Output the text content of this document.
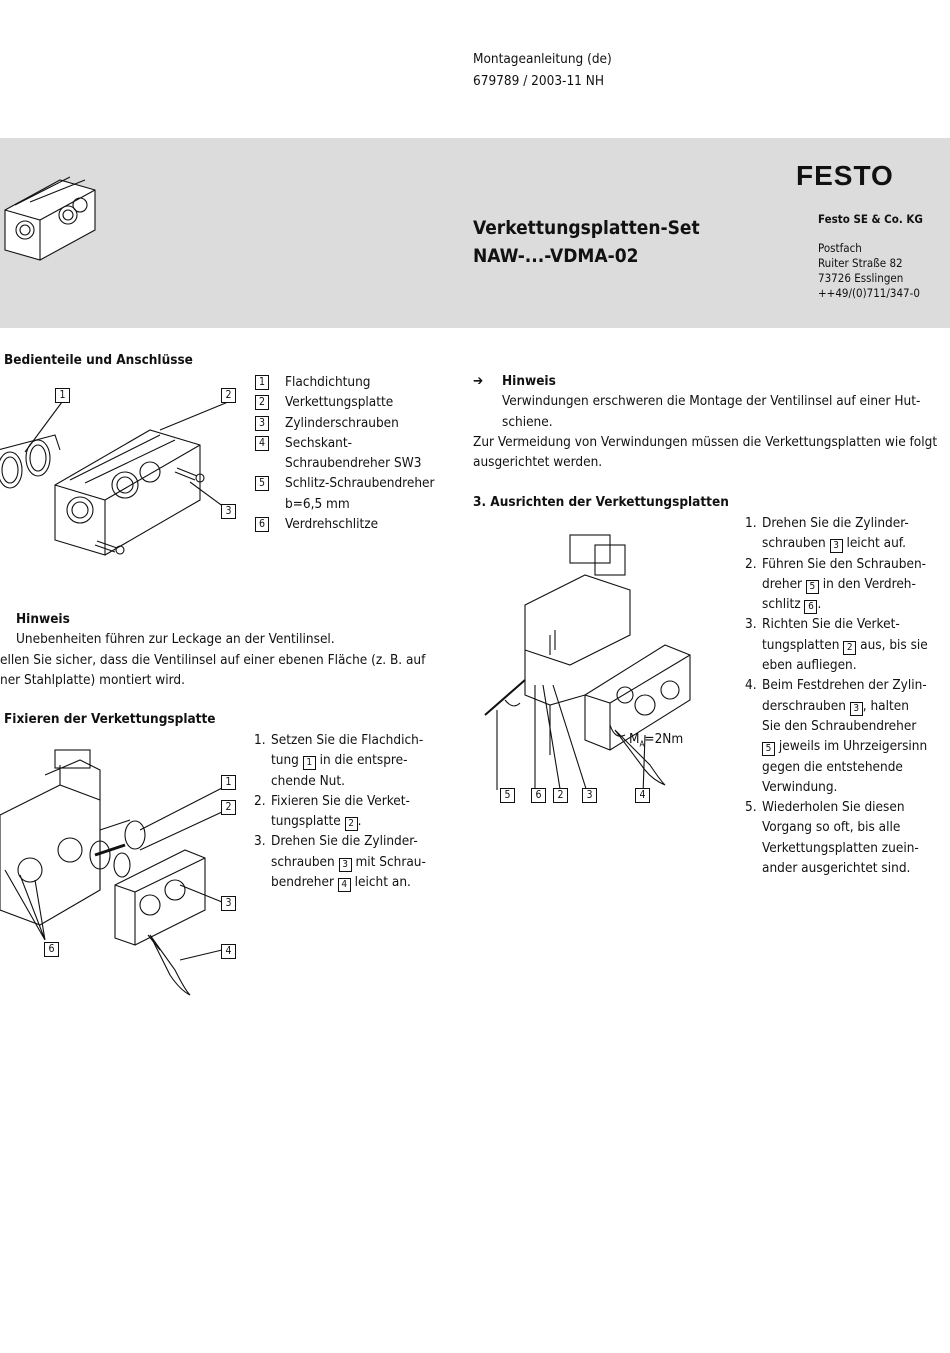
Montageanleitung (de)
679789 / 2003-11 NH
Verkettungsplatten-Set
NAW-...-VDMA-02
FESTO
Festo SE & Co. KG
Postfach
Ruiter Straße 82
73726 Esslingen
++49/(0)711/347-0
Bedienteile und Anschlüsse
1	2
3
1 Flachdichtung
2 Verkettungsplatte
3 Zylinderschrauben
4 Sechskant-Schraubendreher SW3
5 Schlitz-Schraubendreher b=6,5 mm
6 Verdrehschlitze
Hinweis
Unebenheiten führen zur Leckage an der Ventilinsel.
ellen Sie sicher, dass die Ventilinsel auf einer ebenen Fläche (z. B. auf
ner Stahlplatte) montiert wird.
Fixieren der Verkettungsplatte
1
2
3
4
6
1. Setzen Sie die Flachdich-
tung 1 in die entspre-
chende Nut.
2. Fixieren Sie die Verket-
tungsplatte 2 .
3. Drehen Sie die Zylinder-
schrauben 3 mit Schrau-
bendreher 4 leicht an.
➔ Hinweis
Verwindungen erschweren die Montage der Ventilinsel auf einer Hut-
schiene.
Zur Vermeidung von Verwindungen müssen die Verkettungsplatten wie folgt
ausgerichtet werden.
3. Ausrichten der Verkettungsplatten
$M_A=2Nm$
5	6	2	3	4
1. Drehen Sie die Zylinder-
schrauben 3 leicht auf.
2. Führen Sie den Schrauben-
dreher 5 in den Verdreh-
schlitz 6 .
3. Richten Sie die Verket-
tungsplatten 2 aus, bis sie
eben aufliegen.
4. Beim Festdrehen der Zylin-
derschrauben 3 , halten
Sie den Schraubendreher
5 jeweils im Uhrzeigersinn
gegen die entstehende
Verwindung.
5. Wiederholen Sie diesen
Vorgang so oft, bis alle
Verkettungsplatten zuein-
ander ausgerichtet sind.
